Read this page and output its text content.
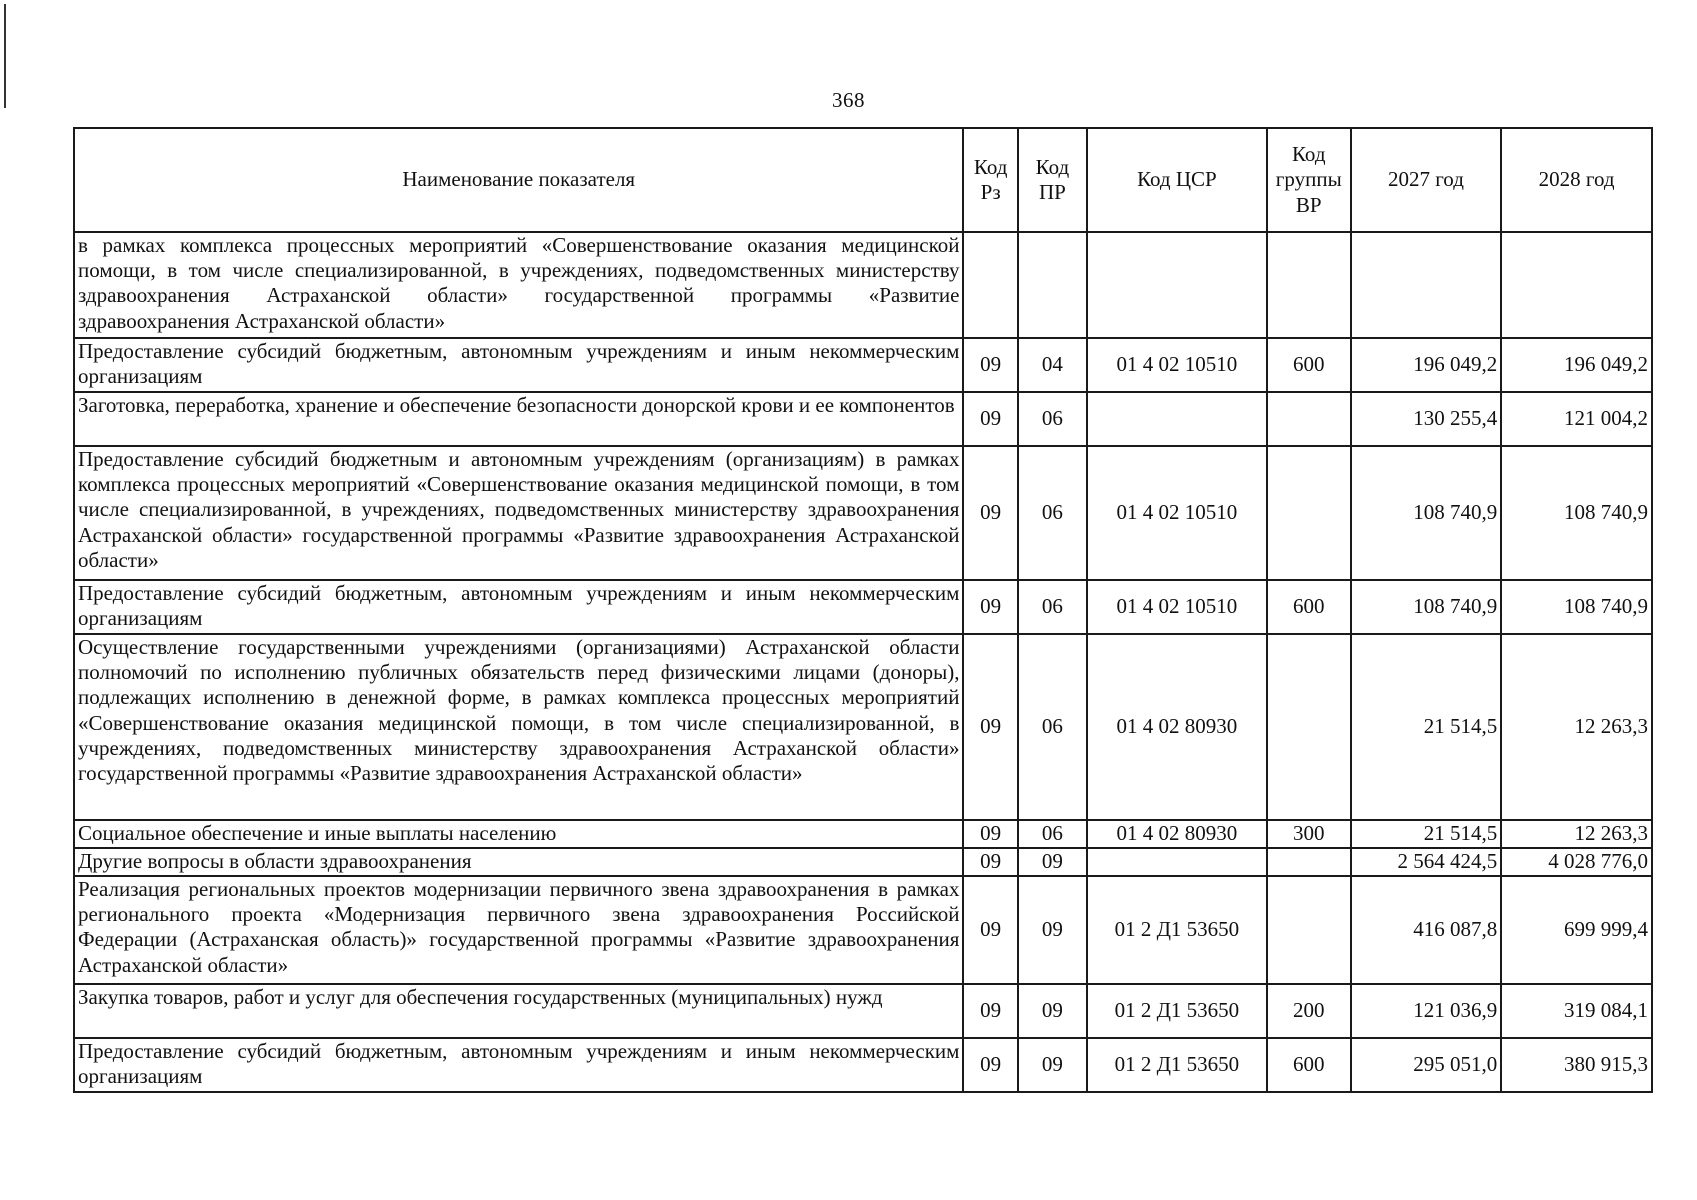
368
Наименование показателя	Код Рз	Код ПР	Код ЦСР	Код группы ВР	2027 год	2028 год
в рамках комплекса процессных мероприятий «Совершенствование оказания медицинской помощи, в том числе специализированной, в учреждениях, подведомственных министерству здравоохранения Астраханской области» государственной программы «Развитие здравоохранения Астраханской области»						
Предоставление субсидий бюджетным, автономным учреждениям и иным некоммерческим организациям	09	04	01 4 02 10510	600	196 049,2	196 049,2
Заготовка, переработка, хранение и обеспечение безопасности донорской крови и ее компонентов	09	06			130 255,4	121 004,2
Предоставление субсидий бюджетным и автономным учреждениям (организациям) в рамках комплекса процессных мероприятий «Совершенствование оказания медицинской помощи, в том числе специализированной, в учреждениях, подведомственных министерству здравоохранения Астраханской области» государственной программы «Развитие здравоохранения Астраханской области»	09	06	01 4 02 10510		108 740,9	108 740,9
Предоставление субсидий бюджетным, автономным учреждениям и иным некоммерческим организациям	09	06	01 4 02 10510	600	108 740,9	108 740,9
Осуществление государственными учреждениями (организациями) Астраханской области полномочий по исполнению публичных обязательств перед физическими лицами (доноры), подлежащих исполнению в денежной форме, в рамках комплекса процессных мероприятий «Совершенствование оказания медицинской помощи, в том числе специализированной, в учреждениях, подведомственных министерству здравоохранения Астраханской области» государственной программы «Развитие здравоохранения Астраханской области»	09	06	01 4 02 80930		21 514,5	12 263,3
Социальное обеспечение и иные выплаты населению	09	06	01 4 02 80930	300	21 514,5	12 263,3
Другие вопросы в области здравоохранения	09	09			2 564 424,5	4 028 776,0
Реализация региональных проектов модернизации первичного звена здравоохранения в рамках регионального проекта «Модернизация первичного звена здравоохранения Российской Федерации (Астраханская область)» государственной программы «Развитие здравоохранения Астраханской области»	09	09	01 2 Д1 53650		416 087,8	699 999,4
Закупка товаров, работ и услуг для обеспечения государственных (муниципальных) нужд	09	09	01 2 Д1 53650	200	121 036,9	319 084,1
Предоставление субсидий бюджетным, автономным учреждениям и иным некоммерческим организациям	09	09	01 2 Д1 53650	600	295 051,0	380 915,3
